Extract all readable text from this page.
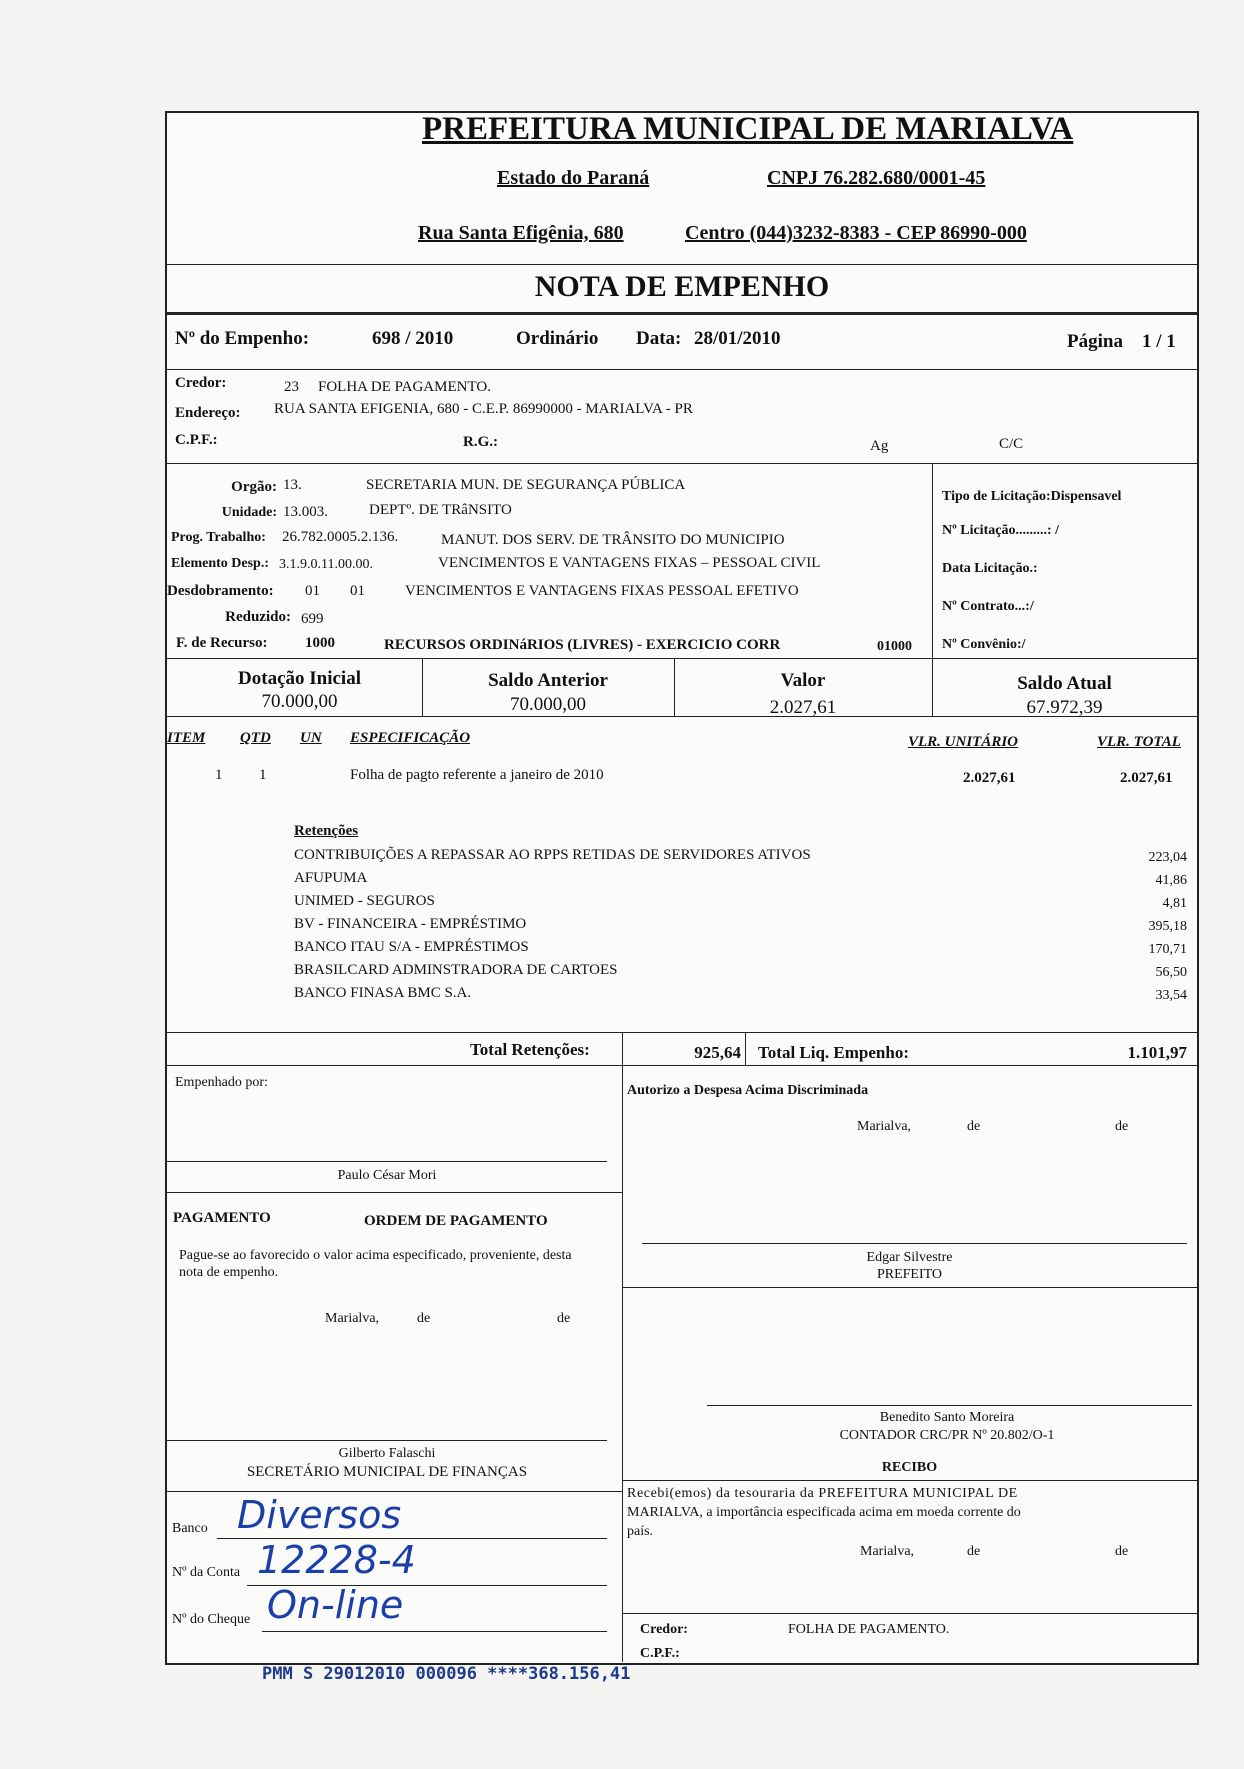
PREFEITURA MUNICIPAL DE MARIALVA
Estado do Paraná	CNPJ 76.282.680/0001-45
Rua Santa Efigênia, 680	Centro (044)3232-8383 - CEP 86990-000
NOTA DE EMPENHO
Nº do Empenho:	698 / 2010	Ordinário Data: 28/01/2010	Página 1 / 1
Credor:	23 FOLHA DE PAGAMENTO.
Endereço: RUA SANTA EFIGENIA, 680 - C.E.P. 86990000 - MARIALVA - PR
C.P.F.:	R.G.:	Ag	C/C
Orgão: 13.	SECRETARIA MUN. DE SEGURANÇA PÚBLICA
Unidade: 13.003.	DEPTº. DE TRâNSITO
Prog. Trabalho: 26.782.0005.2.136.	MANUT. DOS SERV. DE TRÂNSITO DO MUNICIPIO
Elemento Desp.: 3.1.9.0.11.00.00.	VENCIMENTOS E VANTAGENS FIXAS – PESSOAL CIVIL
Desdobramento: 01 01	VENCIMENTOS E VANTAGENS FIXAS PESSOAL EFETIVO
Reduzido: 699
F. de Recurso: 1000	RECURSOS ORDINáRIOS (LIVRES) - EXERCICIO CORR	01000
Tipo de Licitação:Dispensavel
Nº Licitação.........: /
Data Licitação.:
Nº Contrato...:/
Nº Convênio:/
Dotação Inicial
70.000,00
Saldo Anterior
70.000,00
Valor
2.027,61
Saldo Atual
67.972,39
ITEM QTD UN ESPECIFICAÇÃO	VLR. UNITÁRIO	VLR. TOTAL
1 1	Folha de pagto referente a janeiro de 2010	2.027,61	2.027,61
Retenções
CONTRIBUIÇÕES A REPASSAR AO RPPS RETIDAS DE SERVIDORES ATIVOS	223,04
AFUPUMA	41,86
UNIMED - SEGUROS	4,81
BV - FINANCEIRA - EMPRÉSTIMO	395,18
BANCO ITAU S/A - EMPRÉSTIMOS	170,71
BRASILCARD ADMINSTRADORA DE CARTOES	56,50
BANCO FINASA BMC S.A.	33,54
Total Retenções:	925,64 Total Liq. Empenho:	1.101,97
Empenhado por:
Paulo César Mori
PAGAMENTO	ORDEM DE PAGAMENTO
Pague-se ao favorecido o valor acima especificado, proveniente, desta
nota de empenho.
Marialva,	de	de
Gilberto Falaschi
SECRETÁRIO MUNICIPAL DE FINANÇAS
Banco Diversos
Nº da Conta 12228-4
Nº do Cheque On-line
Autorizo a Despesa Acima Discriminada
Marialva,	de	de
Edgar Silvestre
PREFEITO
Benedito Santo Moreira
CONTADOR CRC/PR Nº 20.802/O-1
RECIBO
Recebi(emos) da tesouraria da PREFEITURA MUNICIPAL DE
MARIALVA, a importância especificada acima em moeda corrente do
país.
Marialva,	de	de
Credor:	FOLHA DE PAGAMENTO.
C.P.F.:
PMM S 29012010 000096 ****368.156,41
